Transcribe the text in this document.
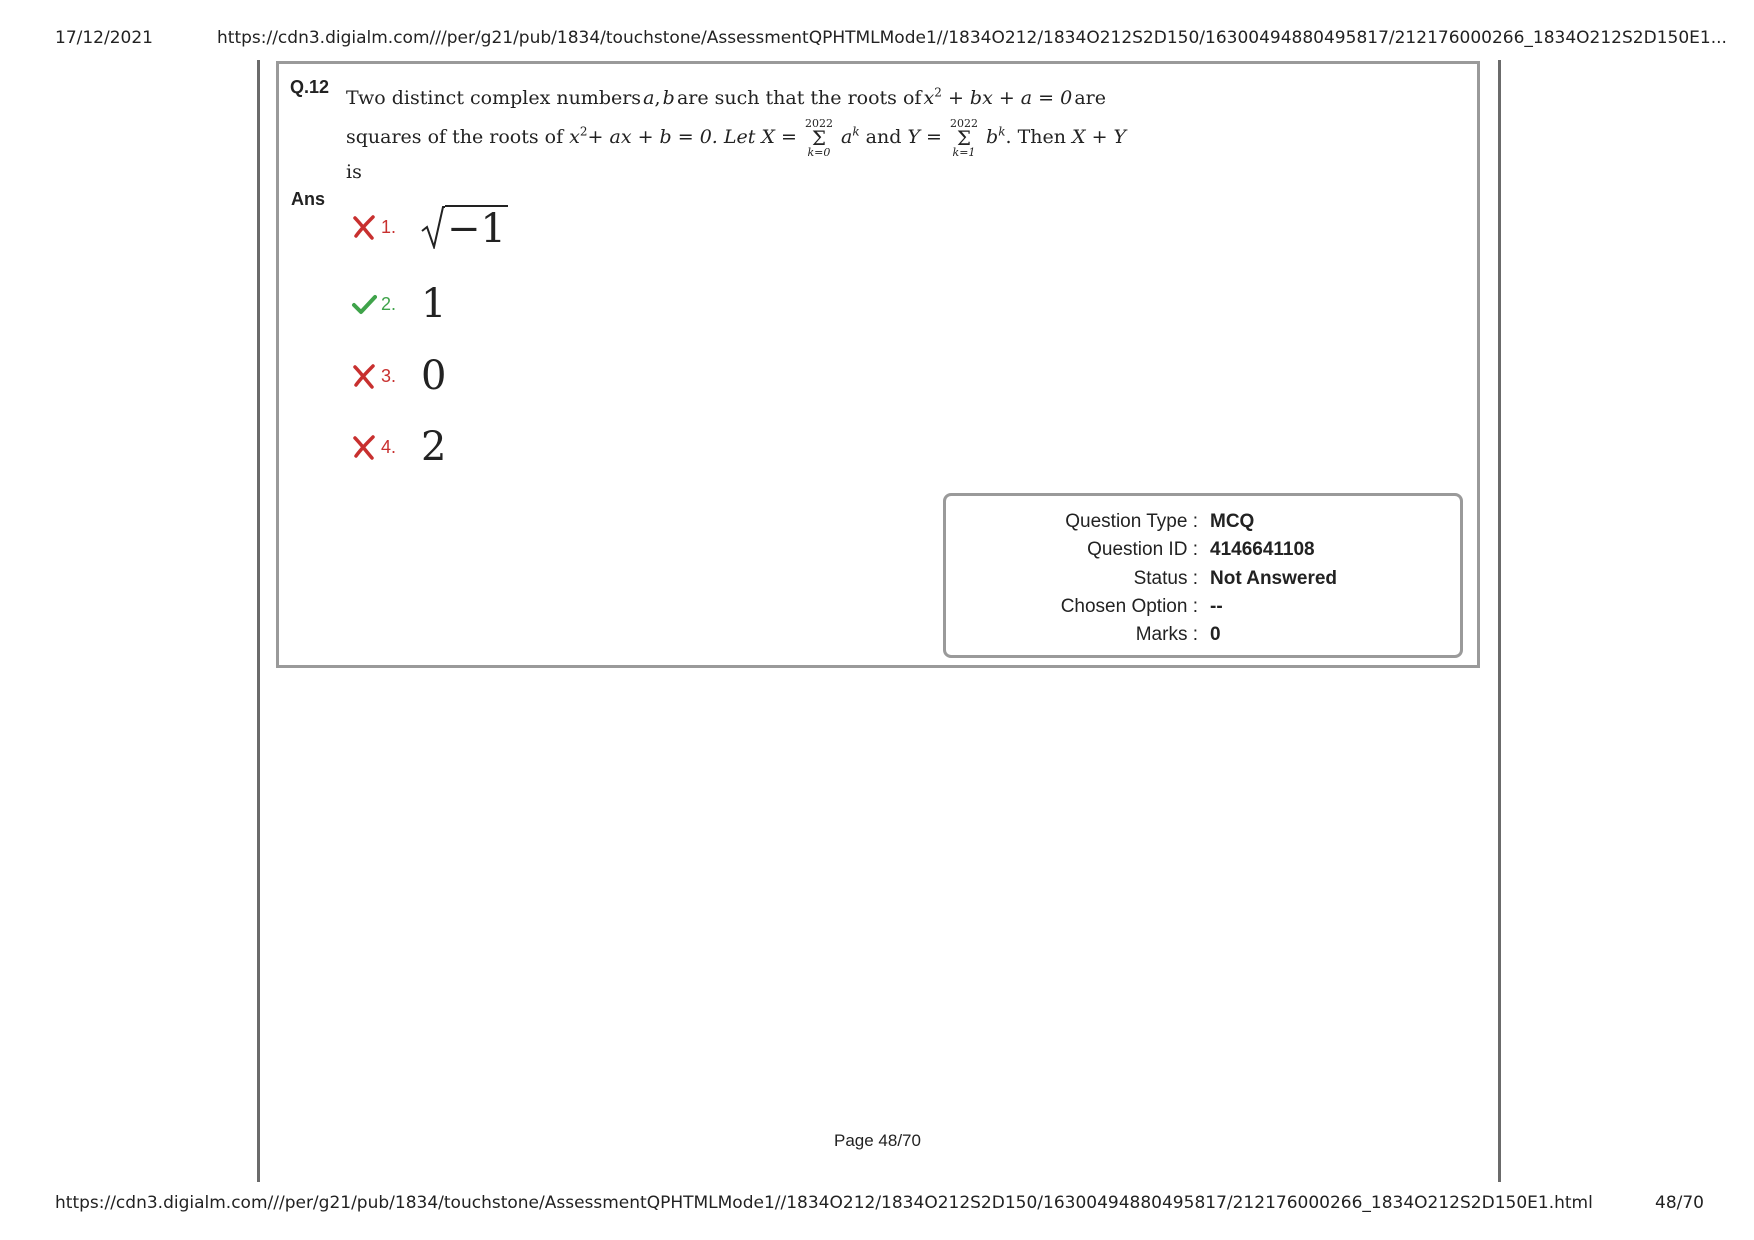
17/12/2021	https://cdn3.digialm.com///per/g21/pub/1834/touchstone/AssessmentQPHTMLMode1//1834O212/1834O212S2D150/16300494880495817/212176000266_1834O212S2D150E1...
Q.12 Two distinct complex numbers a, b are such that the roots of $x^2$ + bx + a = 0 are
squares of the roots of $x^2+$ ax + b = 0. Let X =
2022
Σ
k=0
$a^k$ and Y =
2022
Σ
k=1
$b^k$. Then X + Y
is
Ans
1.	−1
2. 1
3. 0
4. 2
Question Type : MCQ
Question ID : 4146641108
Status : Not Answered
Chosen Option : --
Marks : 0
Page 48/70
https://cdn3.digialm.com///per/g21/pub/1834/touchstone/AssessmentQPHTMLMode1//1834O212/1834O212S2D150/16300494880495817/212176000266_1834O212S2D150E1.html	48/70
